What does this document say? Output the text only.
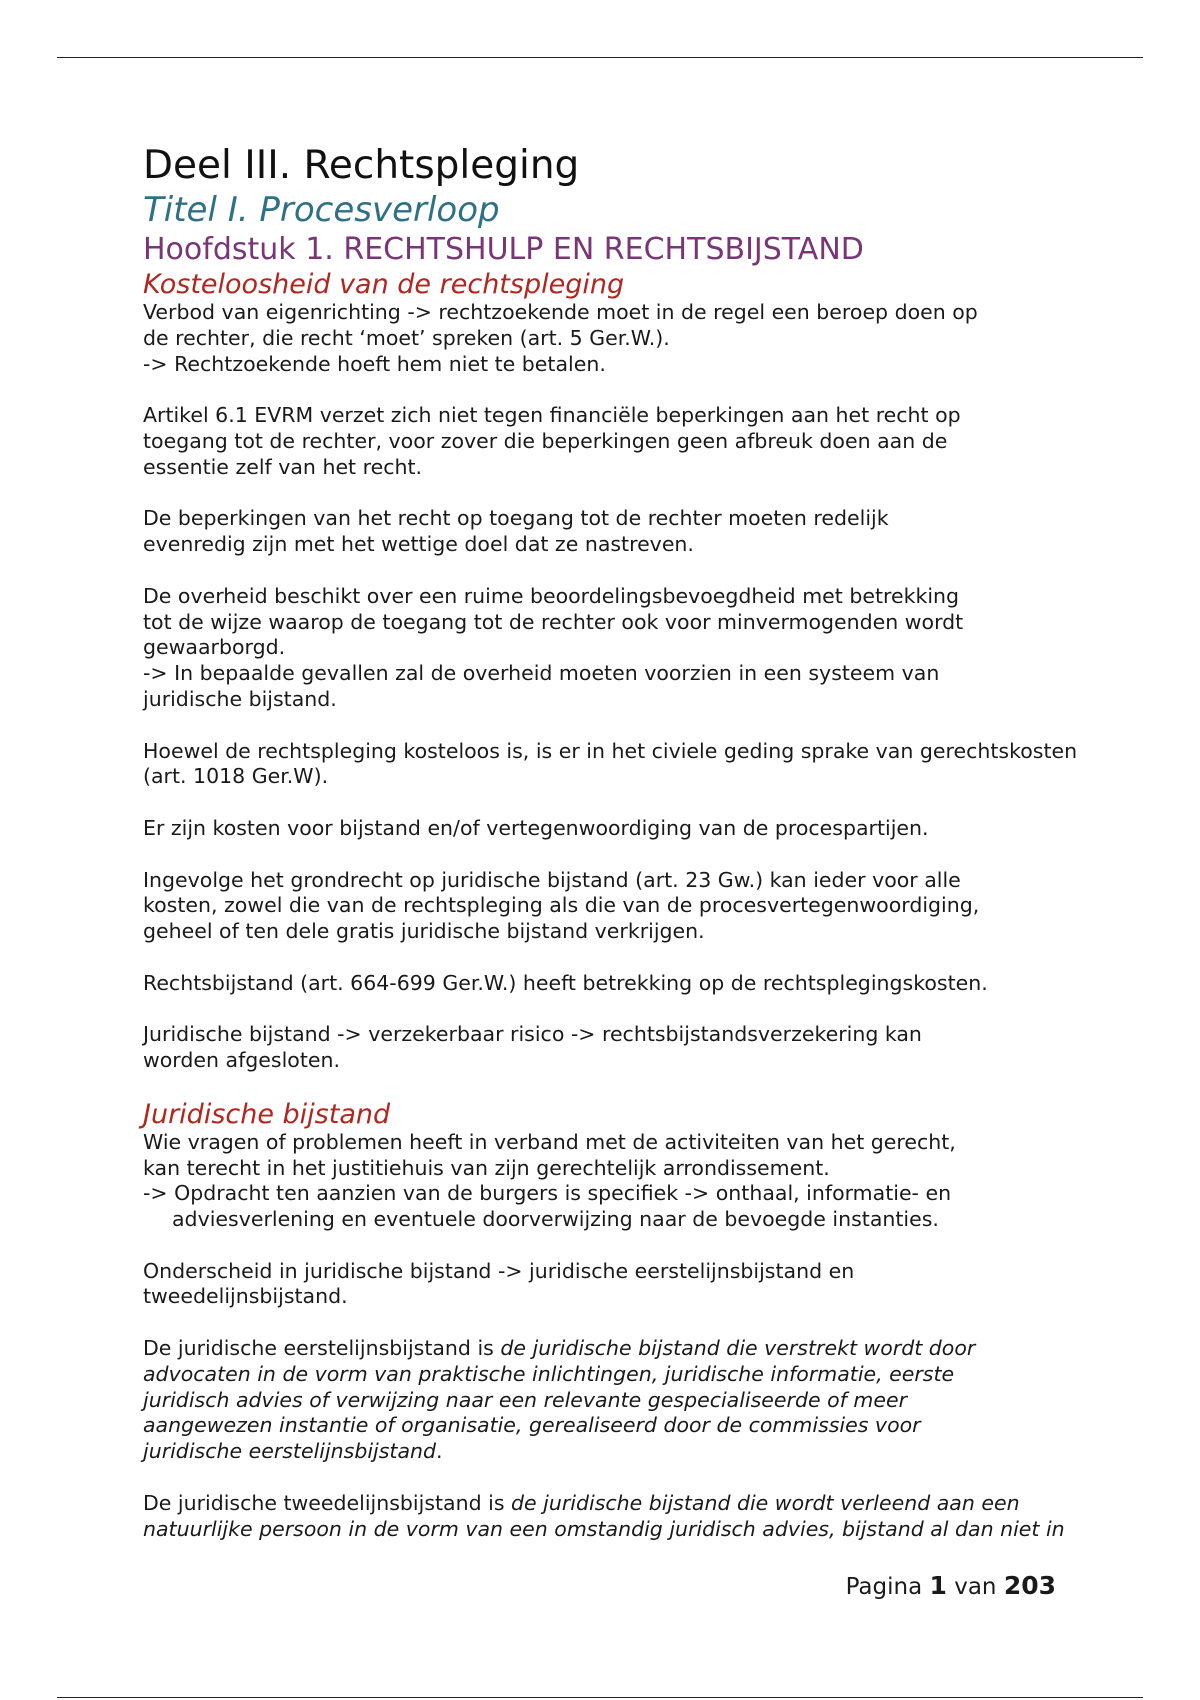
Deel III. Rechtspleging
Titel I. Procesverloop
Hoofdstuk 1. RECHTSHULP EN RECHTSBIJSTAND
Kosteloosheid van de rechtspleging
Verbod van eigenrichting -> rechtzoekende moet in de regel een beroep doen op
de rechter, die recht ‘moet’ spreken (art. 5 Ger.W.).
-> Rechtzoekende hoeft hem niet te betalen.
Artikel 6.1 EVRM verzet zich niet tegen financiële beperkingen aan het recht op
toegang tot de rechter, voor zover die beperkingen geen afbreuk doen aan de
essentie zelf van het recht.
De beperkingen van het recht op toegang tot de rechter moeten redelijk
evenredig zijn met het wettige doel dat ze nastreven.
De overheid beschikt over een ruime beoordelingsbevoegdheid met betrekking
tot de wijze waarop de toegang tot de rechter ook voor minvermogenden wordt
gewaarborgd.
-> In bepaalde gevallen zal de overheid moeten voorzien in een systeem van
juridische bijstand.
Hoewel de rechtspleging kosteloos is, is er in het civiele geding sprake van gerechtskosten
(art. 1018 Ger.W).
Er zijn kosten voor bijstand en/of vertegenwoordiging van de procespartijen.
Ingevolge het grondrecht op juridische bijstand (art. 23 Gw.) kan ieder voor alle
kosten, zowel die van de rechtspleging als die van de procesvertegenwoordiging,
geheel of ten dele gratis juridische bijstand verkrijgen.
Rechtsbijstand (art. 664-699 Ger.W.) heeft betrekking op de rechtsplegingskosten.
Juridische bijstand -> verzekerbaar risico -> rechtsbijstandsverzekering kan
worden afgesloten.
Juridische bijstand
Wie vragen of problemen heeft in verband met de activiteiten van het gerecht,
kan terecht in het justitiehuis van zijn gerechtelijk arrondissement.
-> Opdracht ten aanzien van de burgers is specifiek -> onthaal, informatie- en
adviesverlening en eventuele doorverwijzing naar de bevoegde instanties.
Onderscheid in juridische bijstand -> juridische eerstelijnsbijstand en
tweedelijnsbijstand.
De juridische eerstelijnsbijstand is de juridische bijstand die verstrekt wordt door
advocaten in de vorm van praktische inlichtingen, juridische informatie, eerste
juridisch advies of verwijzing naar een relevante gespecialiseerde of meer
aangewezen instantie of organisatie, gerealiseerd door de commissies voor
juridische eerstelijnsbijstand.
De juridische tweedelijnsbijstand is de juridische bijstand die wordt verleend aan een
natuurlijke persoon in de vorm van een omstandig juridisch advies, bijstand al dan niet in
Pagina 1 van 203
